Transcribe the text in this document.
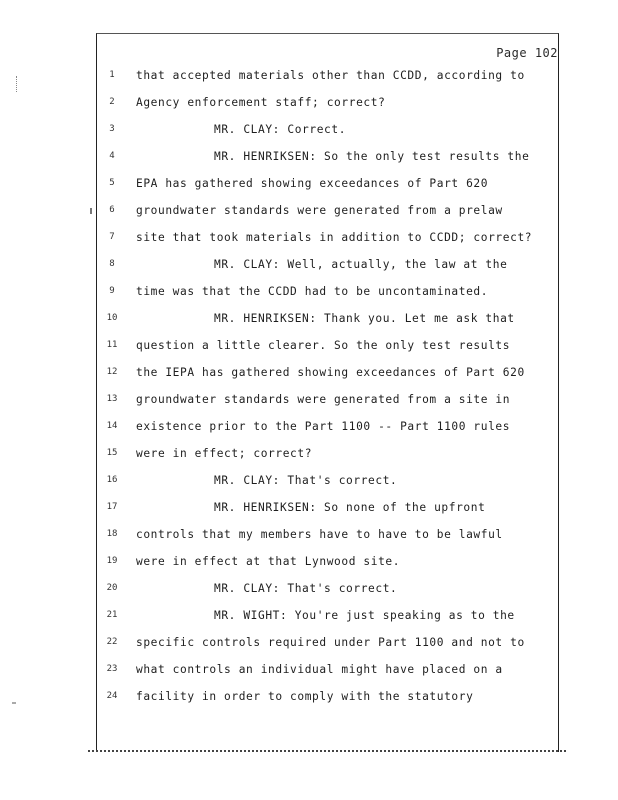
Page 102
1	that accepted materials other than CCDD, according to
2	Agency enforcement staff; correct?
3	MR. CLAY: Correct.
4	MR. HENRIKSEN: So the only test results the
5	EPA has gathered showing exceedances of Part 620
6	groundwater standards were generated from a prelaw
7	site that took materials in addition to CCDD; correct?
8	MR. CLAY: Well, actually, the law at the
9	time was that the CCDD had to be uncontaminated.
10	MR. HENRIKSEN: Thank you. Let me ask that
11	question a little clearer. So the only test results
12	the IEPA has gathered showing exceedances of Part 620
13	groundwater standards were generated from a site in
14	existence prior to the Part 1100 -- Part 1100 rules
15	were in effect; correct?
16	MR. CLAY: That's correct.
17	MR. HENRIKSEN: So none of the upfront
18	controls that my members have to have to be lawful
19	were in effect at that Lynwood site.
20	MR. CLAY: That's correct.
21	MR. WIGHT: You're just speaking as to the
22	specific controls required under Part 1100 and not to
23	what controls an individual might have placed on a
24	facility in order to comply with the statutory
